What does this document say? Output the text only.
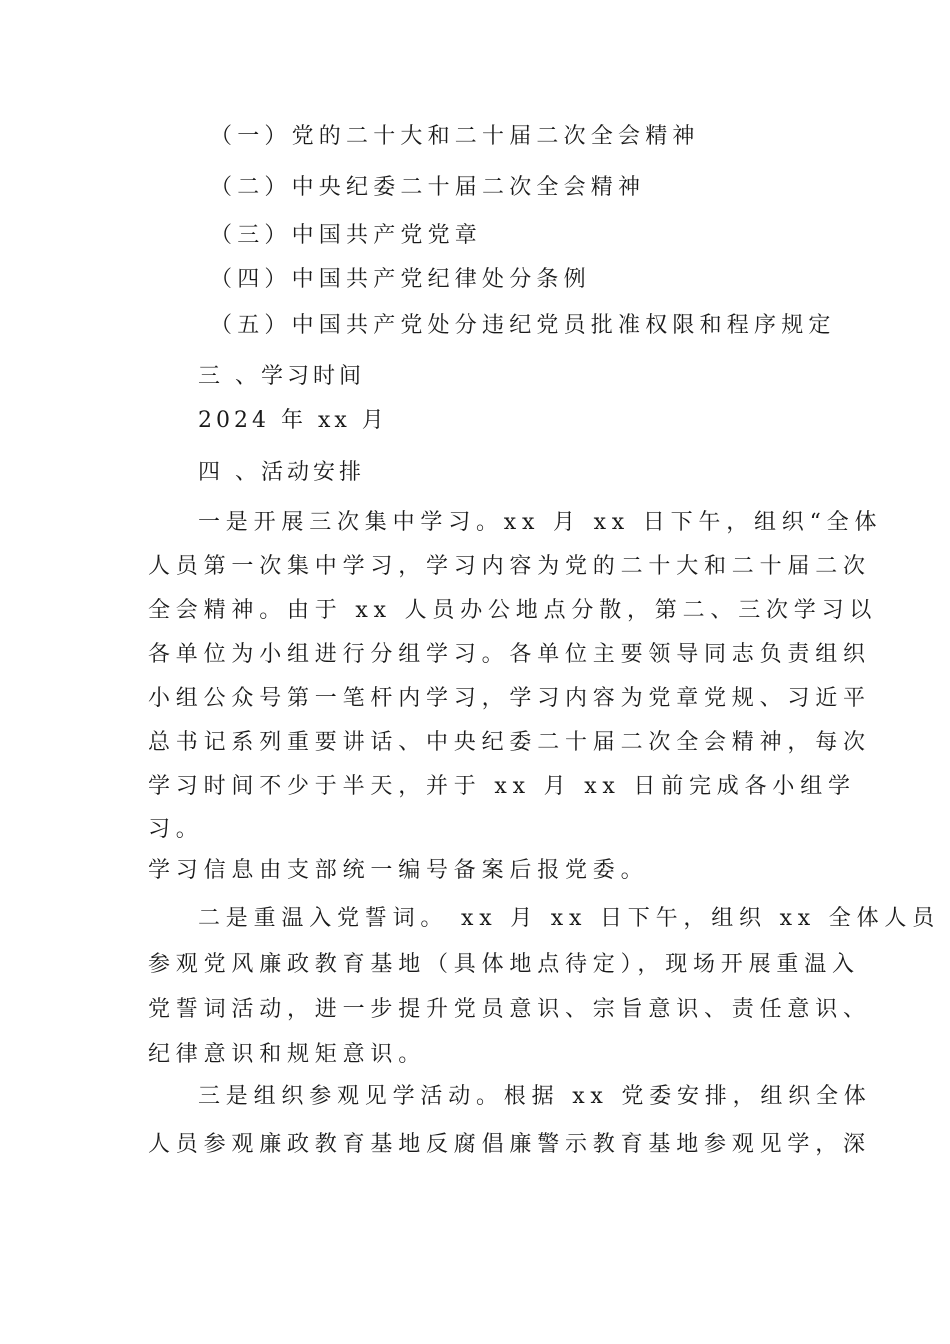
（一）党的二十大和二十届二次全会精神
（二）中央纪委二十届二次全会精神
（三）中国共产党党章
（四）中国共产党纪律处分条例
（五）中国共产党处分违纪党员批准权限和程序规定
三 、学习时间
2024 年 xx 月
四 、活动安排
一是开展三次集中学习。xx 月 xx 日下午，组织“全体
人员第一次集中学习，学习内容为党的二十大和二十届二次
全会精神。由于 xx 人员办公地点分散，第二、三次学习以
各单位为小组进行分组学习。各单位主要领导同志负责组织
小组公众号第一笔杆内学习，学习内容为党章党规、习近平
总书记系列重要讲话、中央纪委二十届二次全会精神，每次
学习时间不少于半天，并于 xx 月 xx 日前完成各小组学
习。
学习信息由支部统一编号备案后报党委。
二是重温入党誓词。 xx 月 xx 日下午，组织 xx 全体人员
参观党风廉政教育基地（具体地点待定），现场开展重温入
党誓词活动，进一步提升党员意识、宗旨意识、责任意识、
纪律意识和规矩意识。
三是组织参观见学活动。根据 xx 党委安排，组织全体
人员参观廉政教育基地反腐倡廉警示教育基地参观见学，深
